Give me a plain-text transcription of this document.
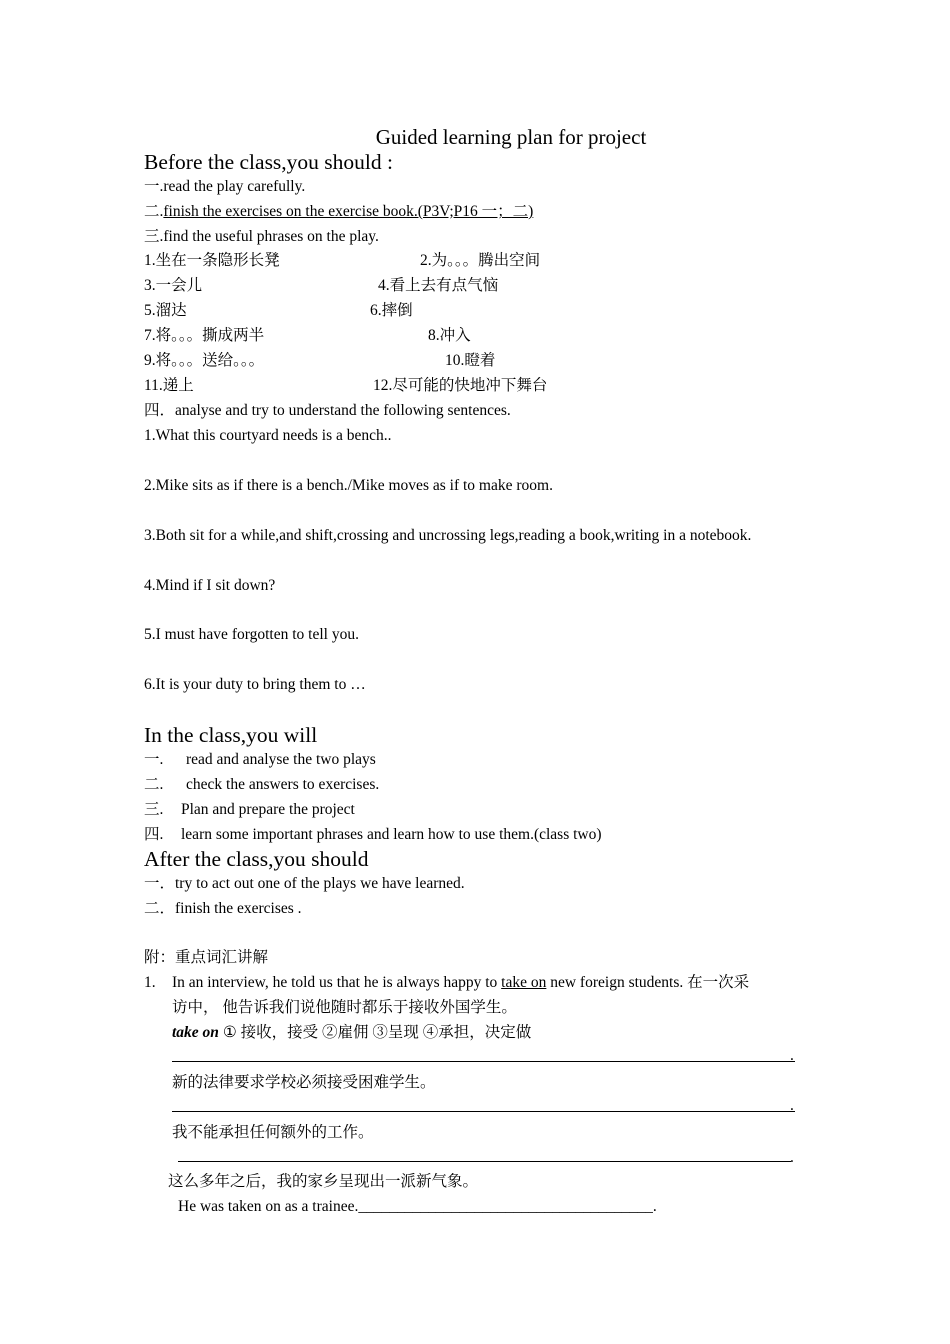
Guided learning plan for project
Before the class,you should :
一.read the play carefully.
二.finish the exercises on the exercise book.(P3V;P16 一；二)
三.find the useful phrases on the play.
1.坐在一条隐形长凳	2.为。。。腾出空间
3.一会儿	4.看上去有点气恼
5.溜达	6.摔倒
7.将。。。撕成两半	8.冲入
9.将。。。送给。。。	10.瞪着
11.递上	12.尽可能的快地冲下舞台
四．analyse and try to understand the following sentences.
1.What this courtyard needs is a bench..
2.Mike sits as if there is a bench./Mike moves as if to make room.
3.Both sit for a while,and shift,crossing and uncrossing legs,reading a book,writing in a notebook.
4.Mind if I sit down?
5.I must have forgotten to tell you.
6.It is your duty to bring them to …
In the class,you will
一. read and analyse the two plays
二. check the answers to exercises.
三. Plan and prepare the project
四. learn some important phrases and learn how to use them.(class two)
After the class,you should
一．try to act out one of the plays we have learned.
二．finish the exercises .
附：重点词汇讲解
1. In an interview, he told us that he is always happy to take on new foreign students. 在一次采
访中， 他告诉我们说他随时都乐于接收外国学生。
take on ① 接收，接受 ②雇佣 ③呈现 ④承担，决定做
.
新的法律要求学校必须接受困难学生。
.
我不能承担任何额外的工作。
.
这么多年之后，我的家乡呈现出一派新气象。
He was taken on as a trainee.______________________________________.
